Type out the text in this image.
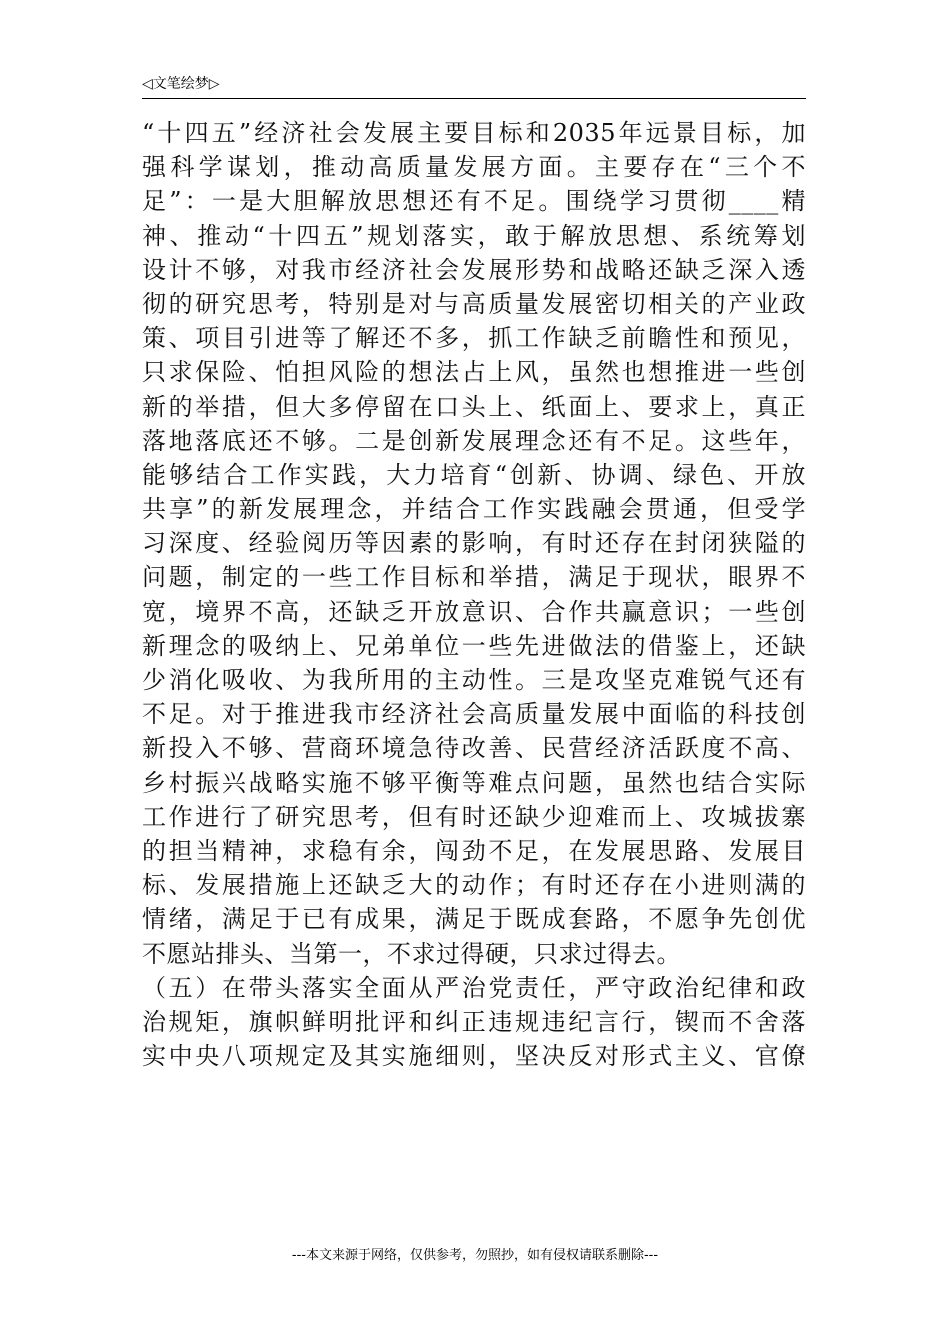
◁文笔绘梦▷
“十四五”经济社会发展主要目标和2035年远景目标，加
强科学谋划，推动高质量发展方面。主要存在“三个不
足”：一是大胆解放思想还有不足。围绕学习贯彻____精
神、推动“十四五”规划落实，敢于解放思想、系统筹划
设计不够，对我市经济社会发展形势和战略还缺乏深入透
彻的研究思考，特别是对与高质量发展密切相关的产业政
策、项目引进等了解还不多，抓工作缺乏前瞻性和预见，
只求保险、怕担风险的想法占上风，虽然也想推进一些创
新的举措，但大多停留在口头上、纸面上、要求上，真正
落地落底还不够。二是创新发展理念还有不足。这些年，
能够结合工作实践，大力培育“创新、协调、绿色、开放
共享”的新发展理念，并结合工作实践融会贯通，但受学
习深度、经验阅历等因素的影响，有时还存在封闭狭隘的
问题，制定的一些工作目标和举措，满足于现状，眼界不
宽，境界不高，还缺乏开放意识、合作共赢意识；一些创
新理念的吸纳上、兄弟单位一些先进做法的借鉴上，还缺
少消化吸收、为我所用的主动性。三是攻坚克难锐气还有
不足。对于推进我市经济社会高质量发展中面临的科技创
新投入不够、营商环境急待改善、民营经济活跃度不高、
乡村振兴战略实施不够平衡等难点问题，虽然也结合实际
工作进行了研究思考，但有时还缺少迎难而上、攻城拔寨
的担当精神，求稳有余，闯劲不足，在发展思路、发展目
标、发展措施上还缺乏大的动作；有时还存在小进则满的
情绪，满足于已有成果，满足于既成套路，不愿争先创优
不愿站排头、当第一，不求过得硬，只求过得去。
（五）在带头落实全面从严治党责任，严守政治纪律和政
治规矩，旗帜鲜明批评和纠正违规违纪言行，锲而不舍落
实中央八项规定及其实施细则，坚决反对形式主义、官僚
---本文来源于网络，仅供参考，勿照抄，如有侵权请联系删除---
